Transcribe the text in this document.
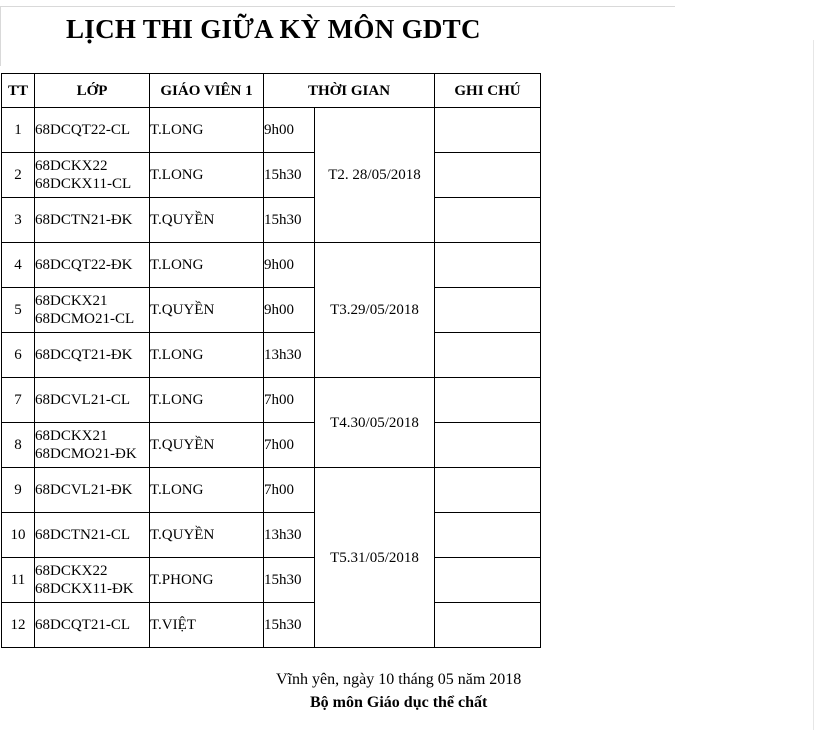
LỊCH THI GIỮA KỲ MÔN GDTC
TT	LỚP	GIÁO VIÊN 1	THỜI GIAN		GHI CHÚ
1	68DCQT22-CL	T.LONG	9h00	T2. 28/05/2018	
2	68DCKX22
68DCKX11-CL	T.LONG	15h30		
3	68DCTN21-ĐK	T.QUYỀN	15h30		
4	68DCQT22-ĐK	T.LONG	9h00	T3.29/05/2018	
5	68DCKX21
68DCMO21-CL	T.QUYỀN	9h00		
6	68DCQT21-ĐK	T.LONG	13h30		
7	68DCVL21-CL	T.LONG	7h00	T4.30/05/2018	
8	68DCKX21
68DCMO21-ĐK	T.QUYỀN	7h00		
9	68DCVL21-ĐK	T.LONG	7h00	T5.31/05/2018	
10	68DCTN21-CL	T.QUYỀN	13h30		
11	68DCKX22
68DCKX11-ĐK	T.PHONG	15h30		
12	68DCQT21-CL	T.VIỆT	15h30		
Vĩnh yên, ngày 10 tháng 05 năm 2018
Bộ môn Giáo dục thể chất
